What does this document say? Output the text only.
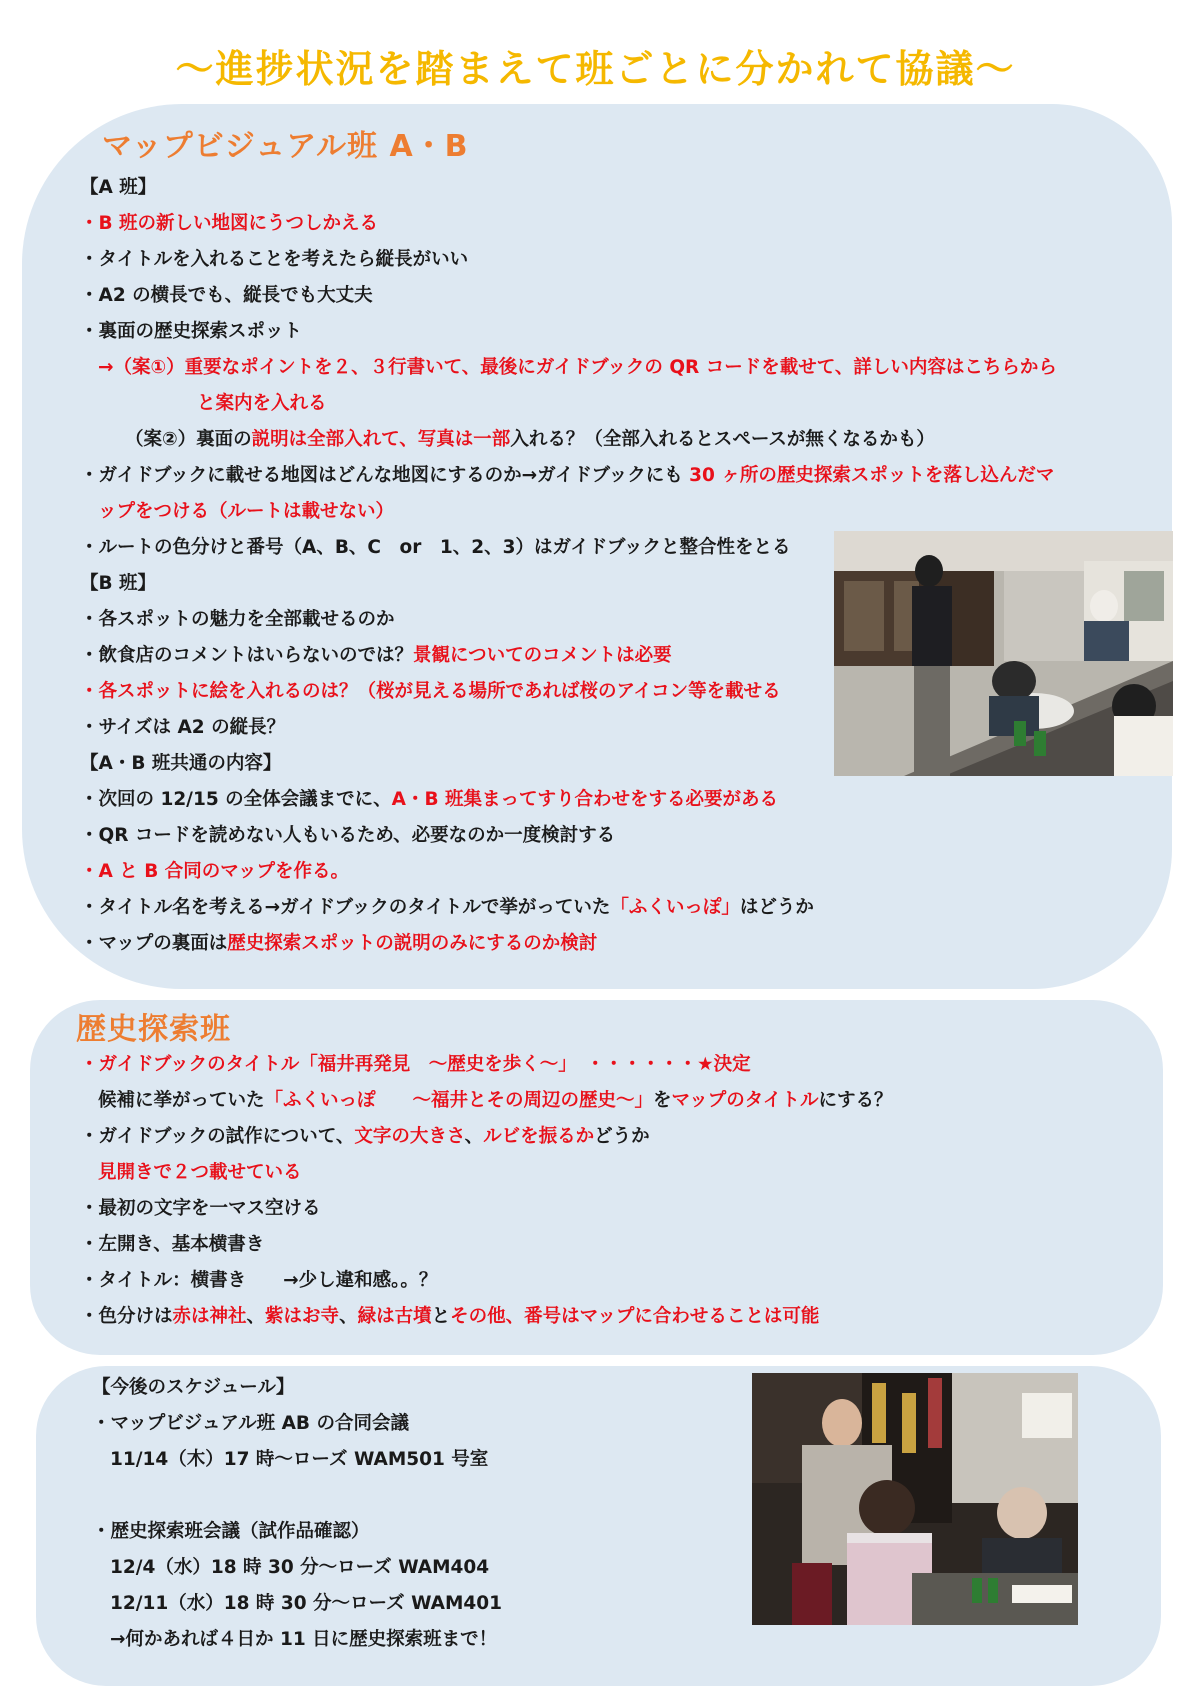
〜進捗状況を踏まえて班ごとに分かれて協議〜
マップビジュアル班 A・B
【A 班】
・B 班の新しい地図にうつしかえる
・タイトルを入れることを考えたら縦長がいい
・A2 の横長でも、縦長でも大丈夫
・裏面の歴史探索スポット
→（案①）重要なポイントを２、３行書いて、最後にガイドブックの QR コードを載せて、詳しい内容はこちらから
と案内を入れる
（案②）裏面の説明は全部入れて、写真は一部入れる？（全部入れるとスペースが無くなるかも）
・ガイドブックに載せる地図はどんな地図にするのか→ガイドブックにも 30 ヶ所の歴史探索スポットを落し込んだマ
ップをつける（ルートは載せない）
・ルートの色分けと番号（A、B、C　or　1、2、3）はガイドブックと整合性をとる
【B 班】
・各スポットの魅力を全部載せるのか
・飲食店のコメントはいらないのでは？景観についてのコメントは必要
・各スポットに絵を入れるのは？（桜が見える場所であれば桜のアイコン等を載せる
・サイズは A2 の縦長？
【A・B 班共通の内容】
・次回の 12/15 の全体会議までに、A・B 班集まってすり合わせをする必要がある
・QR コードを読めない人もいるため、必要なのか一度検討する
・A と B 合同のマップを作る。
・タイトル名を考える→ガイドブックのタイトルで挙がっていた「ふくいっぽ」はどうか
・マップの裏面は歴史探索スポットの説明のみにするのか検討
歴史探索班
・ガイドブックのタイトル「福井再発見　〜歴史を歩く〜」　・・・・・・★決定
候補に挙がっていた「ふくいっぽ　　〜福井とその周辺の歴史〜」をマップのタイトルにする？
・ガイドブックの試作について、文字の大きさ、ルビを振るかどうか
見開きで２つ載せている
・最初の文字を一マス空ける
・左開き、基本横書き
・タイトル：横書き　　→少し違和感。。？
・色分けは赤は神社、紫はお寺、緑は古墳とその他、番号はマップに合わせることは可能
【今後のスケジュール】
・マップビジュアル班 AB の合同会議
11/14（木）17 時〜ローズ WAM501 号室
・歴史探索班会議（試作品確認）
12/4（水）18 時 30 分〜ローズ WAM404
12/11（水）18 時 30 分〜ローズ WAM401
→何かあれば４日か 11 日に歴史探索班まで！
